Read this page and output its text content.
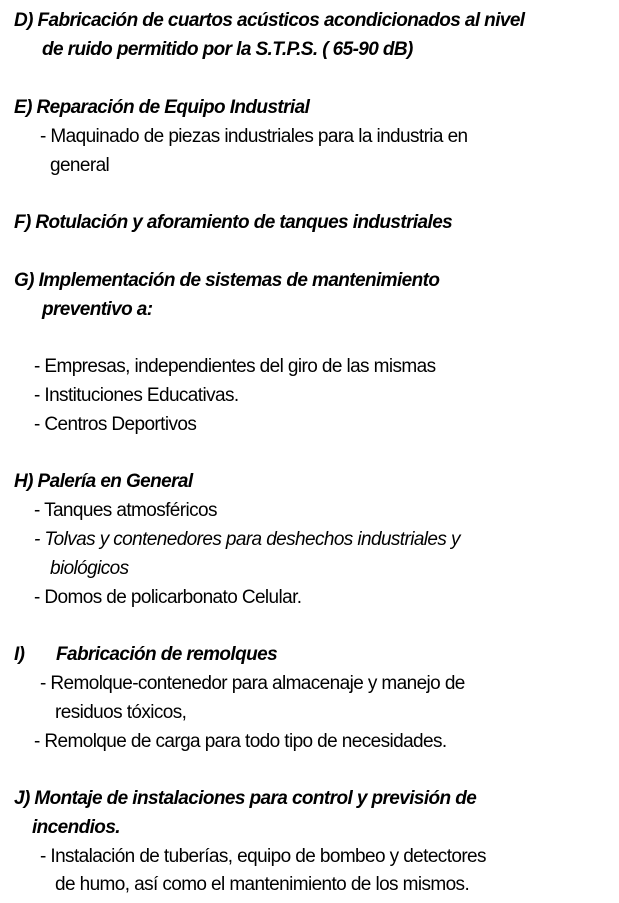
D) Fabricación de cuartos acústicos acondicionados al nivel
de ruido permitido por la S.T.P.S. ( 65-90 dB)
E) Reparación de Equipo Industrial
- Maquinado de piezas industriales para la industria en
general
F) Rotulación y aforamiento de tanques industriales
G) Implementación de sistemas de mantenimiento
preventivo a:
- Empresas, independientes del giro de las mismas
- Instituciones Educativas.
- Centros Deportivos
H) Palería en General
- Tanques atmosféricos
- Tolvas y contenedores para deshechos industriales y
biológicos
- Domos de policarbonato Celular.
I) Fabricación de remolques
- Remolque-contenedor para almacenaje y manejo de
residuos tóxicos,
- Remolque de carga para todo tipo de necesidades.
J) Montaje de instalaciones para control y previsión de
incendios.
- Instalación de tuberías, equipo de bombeo y detectores
de humo, así como el mantenimiento de los mismos.
